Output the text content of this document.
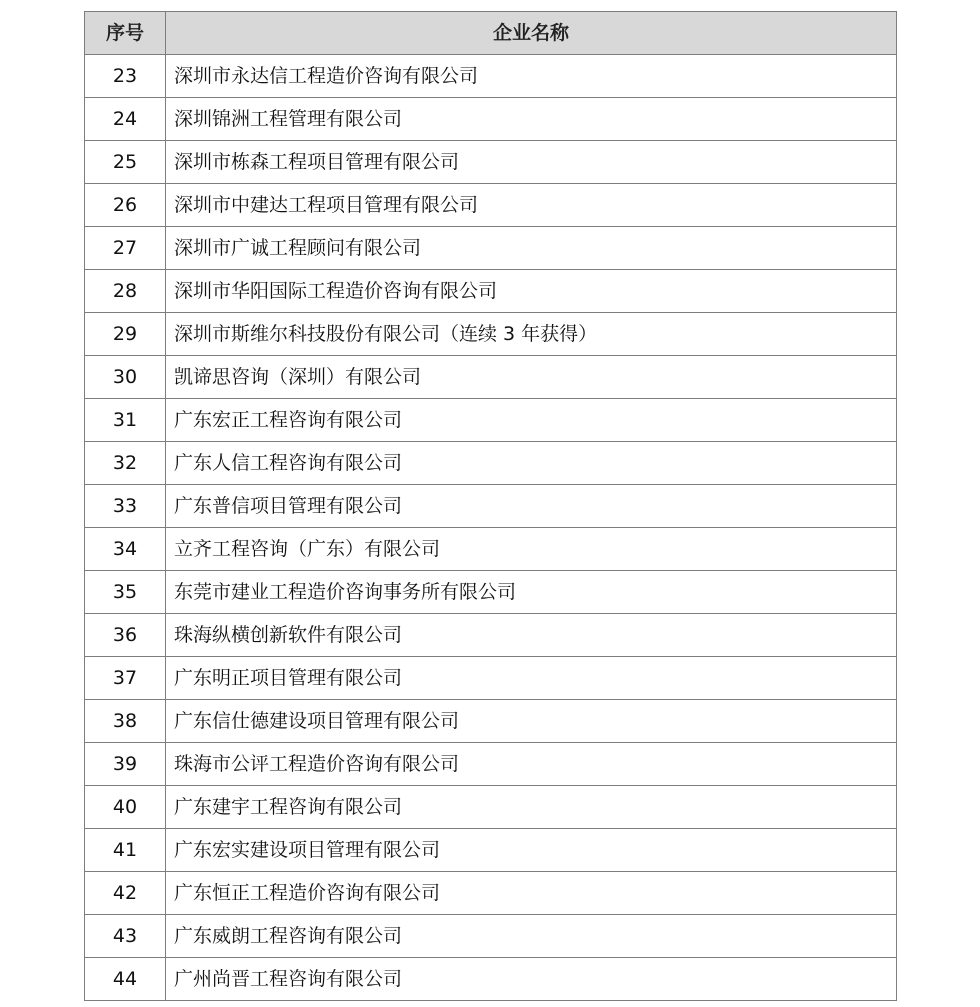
序号	企业名称
23	深圳市永达信工程造价咨询有限公司
24	深圳锦洲工程管理有限公司
25	深圳市栋森工程项目管理有限公司
26	深圳市中建达工程项目管理有限公司
27	深圳市广诚工程顾问有限公司
28	深圳市华阳国际工程造价咨询有限公司
29	深圳市斯维尔科技股份有限公司（连续 3 年获得）
30	凯谛思咨询（深圳）有限公司
31	广东宏正工程咨询有限公司
32	广东人信工程咨询有限公司
33	广东普信项目管理有限公司
34	立齐工程咨询（广东）有限公司
35	东莞市建业工程造价咨询事务所有限公司
36	珠海纵横创新软件有限公司
37	广东明正项目管理有限公司
38	广东信仕德建设项目管理有限公司
39	珠海市公评工程造价咨询有限公司
40	广东建宇工程咨询有限公司
41	广东宏实建设项目管理有限公司
42	广东恒正工程造价咨询有限公司
43	广东威朗工程咨询有限公司
44	广州尚晋工程咨询有限公司
